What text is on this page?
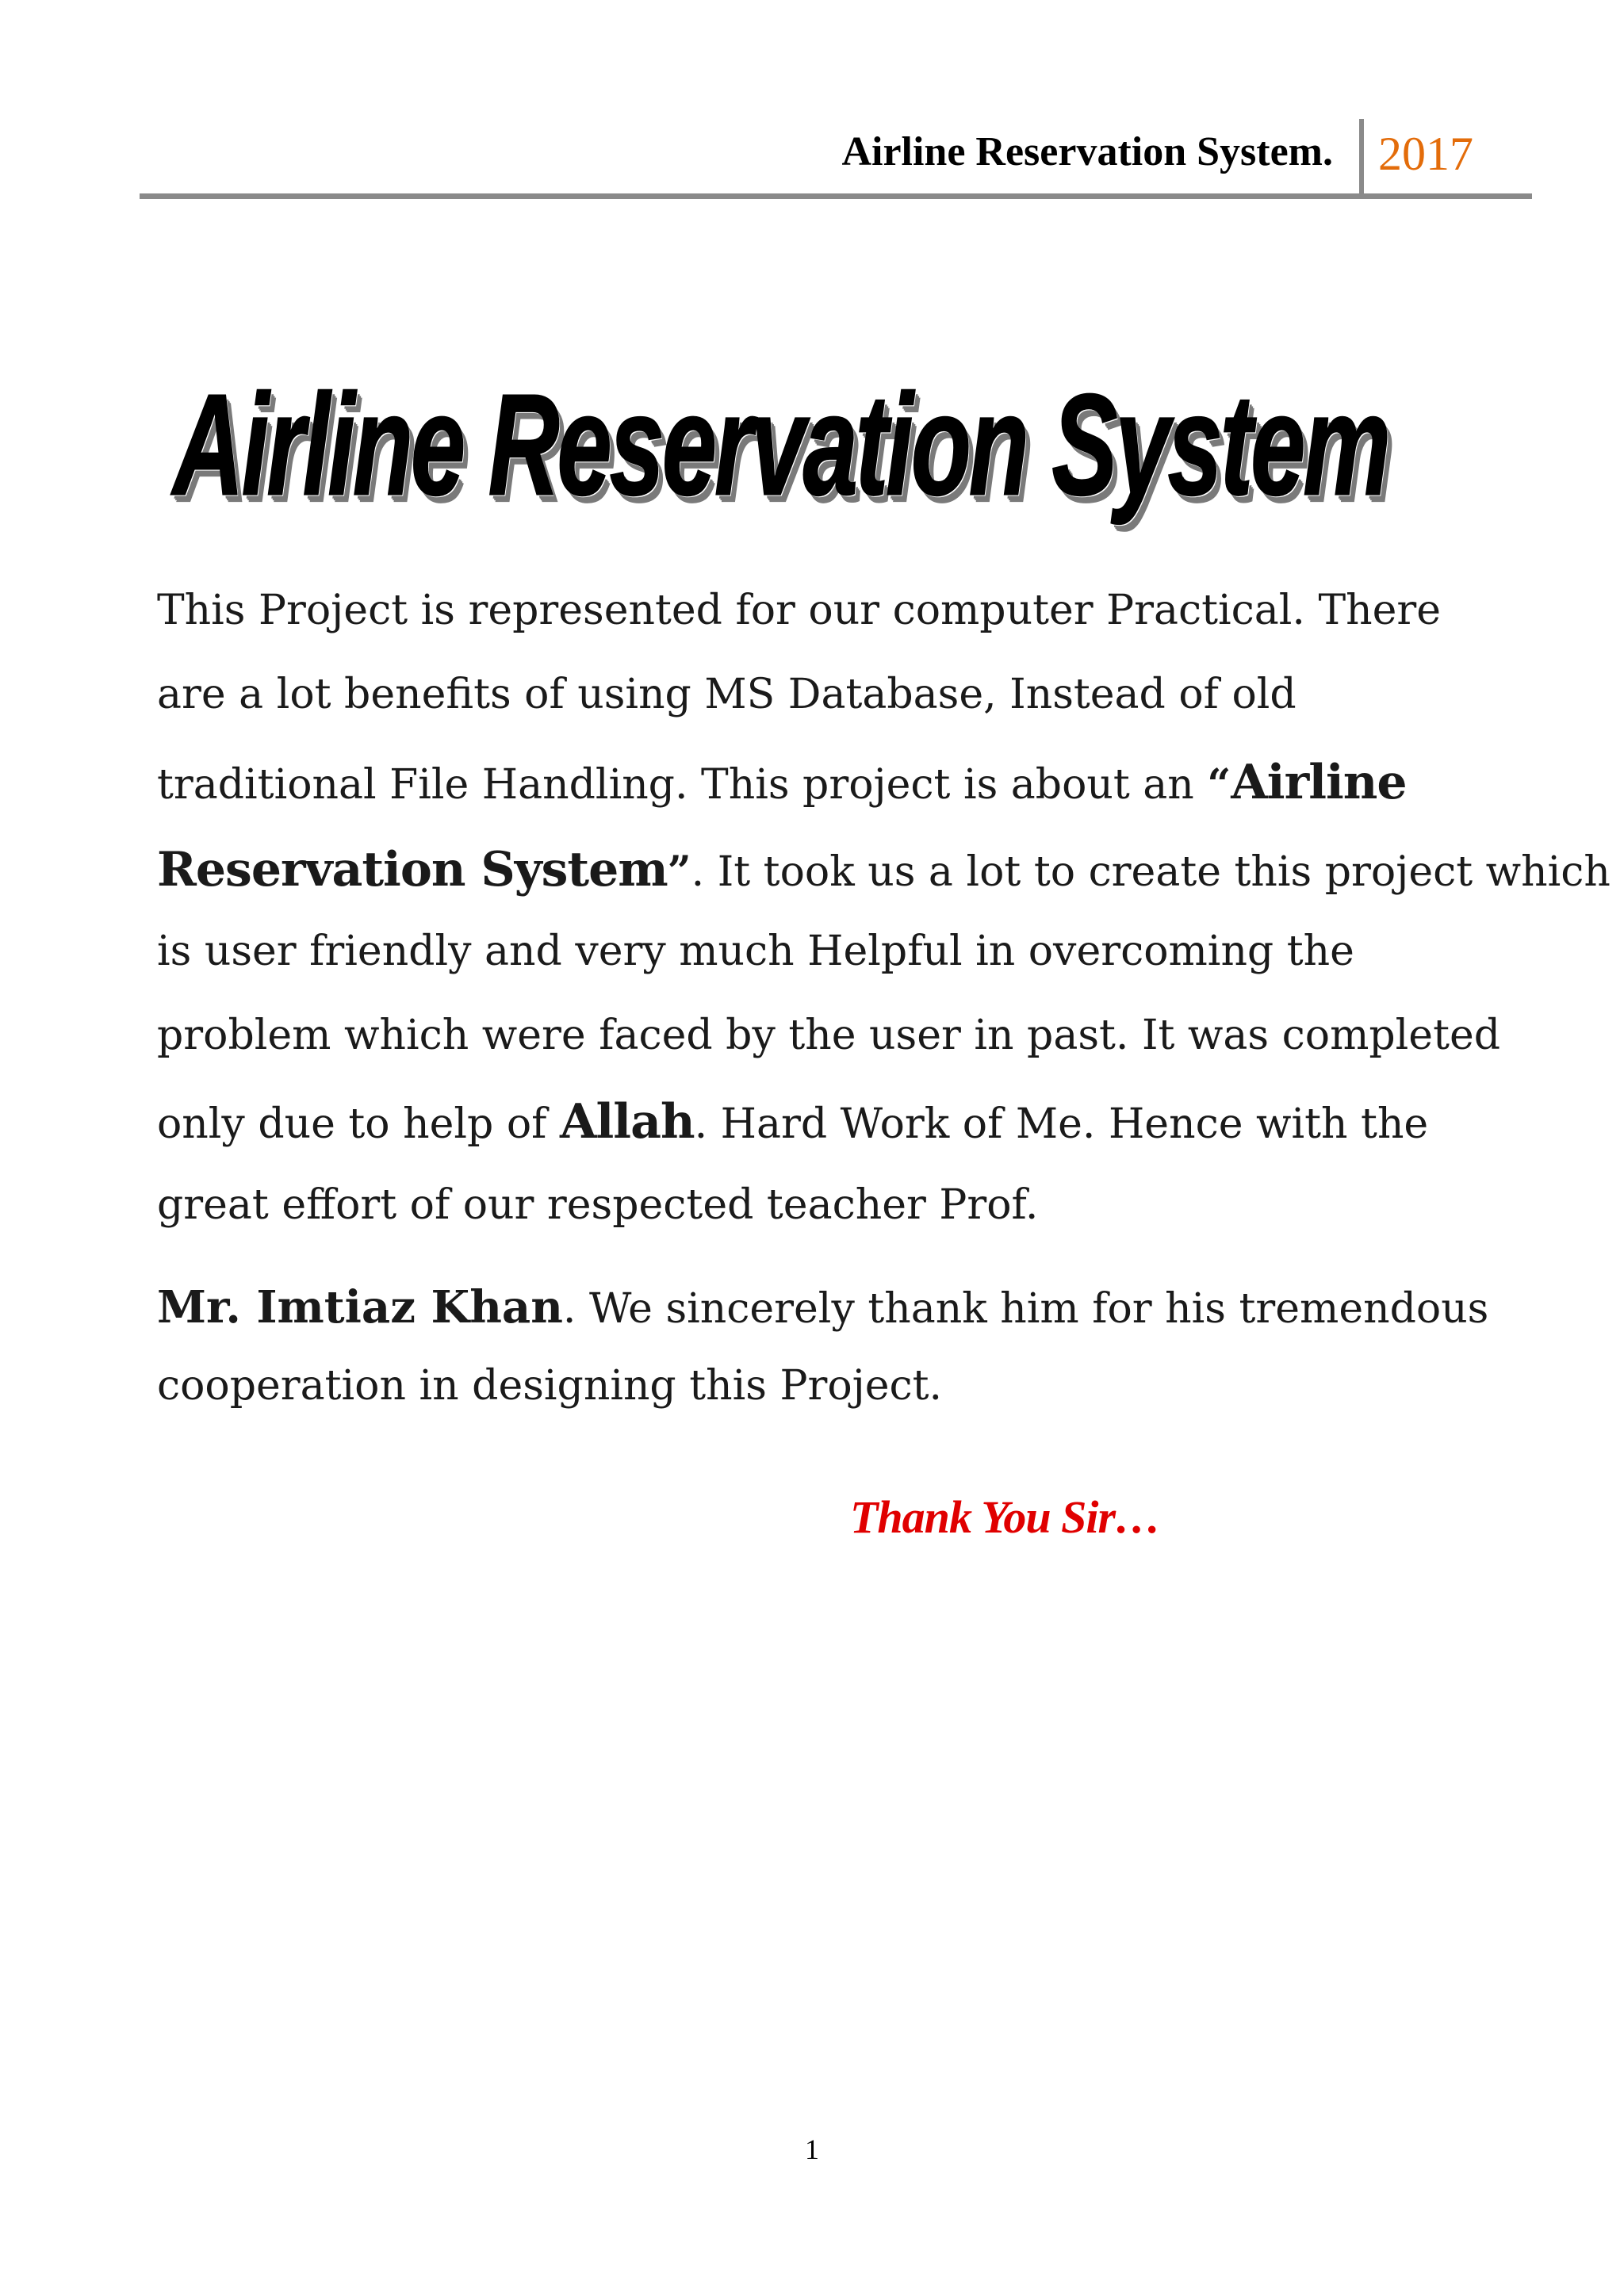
Airline Reservation System. 2017
Airline Reservation System
This Project is represented for our computer Practical. There
are a lot benefits of using MS Database, Instead of old
traditional File Handling. This project is about an “Airline
Reservation System”. It took us a lot to create this project which
is user friendly and very much Helpful in overcoming the
problem which were faced by the user in past. It was completed
only due to help of Allah. Hard Work of Me. Hence with the
great effort of our respected teacher Prof.
Mr. Imtiaz Khan. We sincerely thank him for his tremendous
cooperation in designing this Project.
Thank You Sir…
1
